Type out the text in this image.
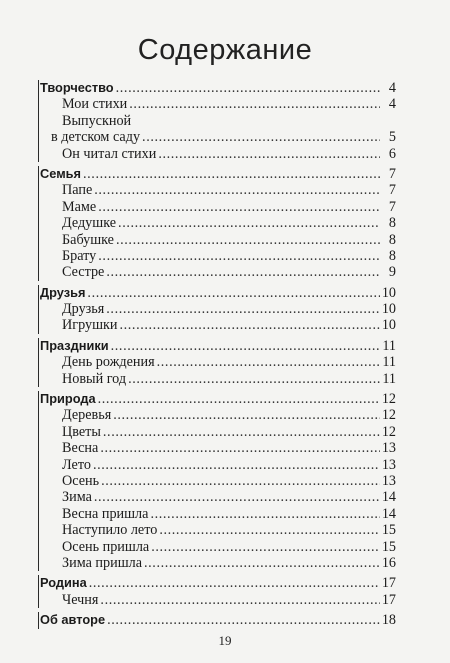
Содержание
Творчество .....	4
Мои стихи .....	4
Выпускной
в детском саду .....	5
Он читал стихи .....	6
Семья .....	7
Папе .....	7
Маме .....	7
Дедушке .....	8
Бабушке .....	8
Брату .....	8
Сестре .....	9
Друзья .....	10
Друзья .....	10
Игрушки .....	10
Праздники .....	11
День рождения .....	11
Новый год .....	11
Природа .....	12
Деревья .....	12
Цветы .....	12
Весна .....	13
Лето .....	13
Осень .....	13
Зима .....	14
Весна пришла .....	14
Наступило лето .....	15
Осень пришла .....	15
Зима пришла .....	16
Родина .....	17
Чечня .....	17
Об авторе .....	18
19
